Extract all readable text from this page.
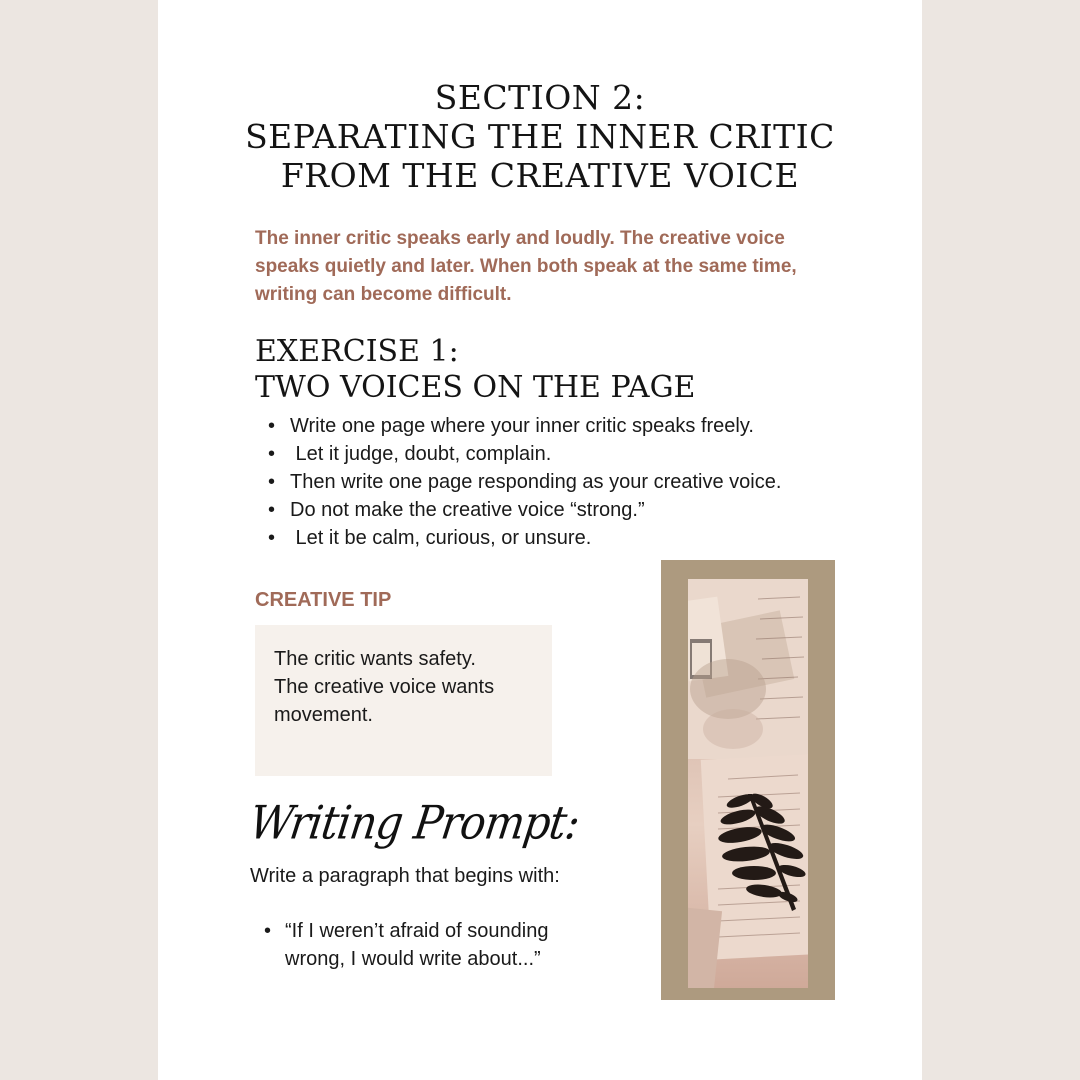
SECTION 2:
SEPARATING THE INNER CRITIC
FROM THE CREATIVE VOICE
The inner critic speaks early and loudly. The creative voice speaks quietly and later. When both speak at the same time, writing can become difficult.
EXERCISE 1:
TWO VOICES ON THE PAGE
• Write one page where your inner critic speaks freely.
•  Let it judge, doubt, complain.
• Then write one page responding as your creative voice.
• Do not make the creative voice “strong.”
•  Let it be calm, curious, or unsure.
CREATIVE TIP
The critic wants safety.
The creative voice wants movement.
Writing Prompt:
Write a paragraph that begins with:
• “If I weren’t afraid of sounding wrong, I would write about...”
